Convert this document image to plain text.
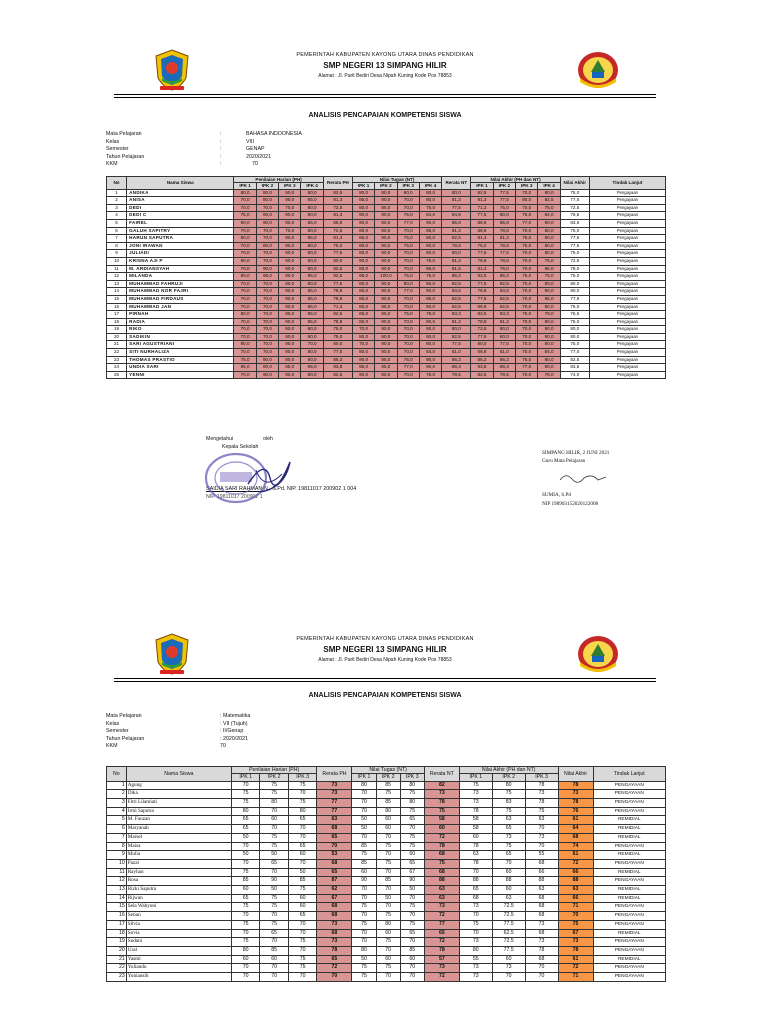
PEMERINTAH KABUPATEN KAYONG UTARA DINAS PENDIDIKAN
SMP NEGERI 13 SIMPANG HILIR
Alamat : Jl. Parit Bediri Desa Nipah Kuning Kode Pos 78853
ANALISIS PENCAPAIAN KOMPETENSI SISWA
Mata Pelajaran	:	BAHASA INDOONESIA
Kelas	:	VIII
Semester	:	GENAP
Tahun Pelajaran	:	2020/2021
KKM	:	70
No	Nama Siswa	Penilaian Harian (PH)				Rerata PH	Nilai Tugas (NT)				Rerata NT	Nilai Akhir (PH dan NT)				Nilai Akhir	Tindak Lanjut
		IPK 1	IPK 2	IPK 3	IPK 4		IPK 1	IPK 2	IPK 3	IPK 4		IPK 1	IPK 2	IPK 3	IPK 4		
1	ANDIKA	80,0	80,0	90,0	80,0	82,5	80,0	80,0	80,0	80,0	80,0	82,5	77,5	70,0	80,0	75,0	Pengayaan
2	ANISA	70,0	80,0	90,0	85,0	81,3	85,0	90,0	70,0	80,0	81,3	81,3	77,5	80,0	82,5	77,5	Pengayaan
3	DEDI	70,0	70,0	70,0	80,0	72,5	80,0	85,0	70,0	75,0	77,5	71,3	75,0	70,0	75,0	72,5	Pengayaan
4	DEDI C	75,0	90,0	90,0	90,0	81,3	90,0	90,0	75,0	84,0	84,8	77,5	80,0	75,0	84,0	79,5	Pengayaan
5	FAIREL	90,0	90,0	90,0	85,0	88,8	90,0	90,0	77,0	90,0	86,8	88,8	86,8	77,0	90,0	83,5	Pengayaan
6	GALUH SAPITRY	70,0	70,0	70,0	80,0	72,5	80,0	90,0	70,0	85,0	81,3	68,8	78,8	70,0	80,0	75,0	Pengayaan
7	HARUN SAPUTRA	80,0	70,0	90,0	85,0	81,3	85,0	90,0	75,0	80,0	82,5	81,3	81,3	75,0	80,0	77,5	Pengayaan
8	JONI IRAWAN	70,0	80,0	90,0	80,0	75,0	80,0	90,0	75,0	80,0	78,8	75,0	78,8	75,0	80,0	77,5	Pengayaan
9	JULIADI	70,0	70,0	90,0	80,0	77,5	80,0	90,0	70,0	80,0	80,0	77,5	77,5	70,0	80,0	75,0	Pengayaan
10	KRISNA AJI P	90,0	70,0	90,0	90,0	80,0	90,0	90,0	70,0	75,0	81,3	78,8	78,8	70,0	75,0	72,5	Pengayaan
11	M. ARDIANSYAH	70,0	90,0	90,0	80,0	82,5	80,0	90,0	70,0	86,0	81,5	81,3	79,0	70,0	86,0	78,0	Pengayaan
12	MILANDA	90,0	95,0	90,0	95,0	92,5	95,0	100,0	75,0	75,0	86,3	92,5	86,3	75,0	75,0	75,0	Pengayaan
13	MUHAMMAD FAHRUJI	70,0	70,0	90,0	80,0	77,5	80,0	90,0	80,0	90,0	82,5	77,5	82,5	70,0	90,0	80,0	Pengayaan
14	MUHAMMAD NOR FAJRI	70,0	70,0	90,0	85,0	78,8	85,0	90,0	77,0	90,0	83,8	78,8	83,8	70,0	90,0	80,0	Pengayaan
15	MUHAMMAD FIRDAUS	70,0	70,0	90,0	85,0	78,8	85,0	90,0	70,0	85,0	82,5	77,5	82,5	70,0	85,0	77,5	Pengayaan
16	MUHAMMAD JAN	70,0	70,0	90,0	85,0	71,3	85,0	95,0	70,0	80,0	82,5	68,8	82,5	70,0	80,0	75,0	Pengayaan
17	PIRNAH	80,0	70,0	95,0	85,0	82,5	85,0	95,0	75,0	78,0	83,3	82,5	83,3	75,0	78,0	76,5	Pengayaan
18	RADIA	70,0	70,0	90,0	85,0	78,8	85,0	90,0	70,0	80,0	81,3	78,8	81,3	70,0	80,0	75,0	Pengayaan
19	RIKO	70,0	70,0	90,0	80,0	75,0	70,0	90,0	70,0	90,0	80,0	72,5	80,0	70,0	90,0	80,0	Pengayaan
20	SADIKIN	70,0	70,0	90,0	80,0	75,0	80,0	90,0	70,0	90,0	82,5	77,5	80,0	70,0	90,0	80,0	Pengayaan
21	SARI AGUSTRIANI	90,0	70,0	90,0	70,0	80,0	70,0	90,0	70,0	80,0	77,5	80,0	77,5	70,0	80,0	75,0	Pengayaan
22	SITI NURHALIZA	70,0	70,0	90,0	80,0	77,5	80,0	90,0	70,0	84,0	81,0	68,8	81,0	70,0	84,0	77,0	Pengayaan
23	THOMAS PRASTIO	75,0	90,0	90,0	90,0	86,3	90,0	95,0	75,0	90,0	86,3	86,3	86,3	75,0	90,0	82,5	Pengayaan
24	UNDIA SARI	95,0	90,0	95,0	95,0	93,8	95,0	95,0	77,0	90,0	89,3	93,8	89,3	77,0	90,0	83,5	Pengayaan
25	YENNI	70,0	90,0	90,0	80,0	82,5	90,0	90,0	70,0	78,0	79,5	82,5	79,5	70,0	78,0	74,0	Pengayaan
Mengetahui	oleh
Kepala Sekolah
SAIDIA SARI RAHMAN,N , S.Pd. NIP. 19811017 200902 1 004
NIP. 19811017 200902 1
SIMPANG HILIR, 2 JUNI 2021
Guru Mata Pelajaran
SUMIA, S.Pd
NIP 198903152020122008
PEMERINTAH KABUPATEN KAYONG UTARA DINAS PENDIDIKAN
SMP NEGERI 13 SIMPANG HILIR
Alamat : Jl. Parit Bediri Desa Nipah Kuning Kode Pos 78853
ANALISIS PENCAPAIAN KOMPETENSI SISWA
Mata Pelajaran	: Matematika
Kelas	: VII (Tujuh)
Semester	: II/Genap
Tahun Pelajaran	: 2020/2021
KKM	70
No	Nama Siswa	Penilaian Harian (PH)			Rerata PH	Nilai Tugas (NT)			Rerata NT	Nilai Akhir (PH dan NT)			Nilai Akhir	Tindak Lanjut
		IPK 1	IPK 2	IPK 3		IPK 1	IPK 2	IPK 3		IPK 1	IPK 2	IPK 3		
1	Agung	70	75	75	73	80	85	80	82	75	80	78	78	PENGAYAAN
2	Dika	75	75	70	73	70	75	75	73	73	75	73	73	PENGAYAAN
3	Fitri Lilamiati	75	80	75	77	70	85	80	78	73	83	78	78	PENGAYAAN
4	Irmi Saputra	80	70	80	77	70	80	75	75	78	75	75	76	PENGAYAAN
5	M. Fauzan	65	60	65	63	50	60	65	58	58	63	63	61	REMIDIAL
6	Maryanah	65	70	70	68	50	60	70	60	58	65	70	64	REMIDIAL
7	Marsel	50	75	70	65	70	70	75	72	60	73	73	68	REMIDIAL
8	Maisa	70	75	65	70	85	75	75	78	78	75	70	74	PENGAYAAN
9	Mulia	50	50	60	53	75	70	60	68	63	65	55	61	REMIDIAL
10	Pazal	70	65	70	68	85	75	65	75	78	70	68	72	PENGAYAAN
11	Rayhan	75	70	50	65	60	70	67	68	70	60	66	66	REMIDIAL
12	Rosa	85	90	85	87	90	85	90	88	88	88	88	88	PENGAYAAN
13	Rizki Saputra	60	50	75	62	70	70	50	63	65	60	63	63	REMIDIAL
14	Rijwan	65	75	60	67	70	50	70	63	68	63	68	66	REMIDIAL
15	Sela Wahyuni	75	75	60	68	75	70	75	73	73	72.5	68	71	PENGAYAAN
16	Setian	70	70	65	68	70	75	70	72	70	72.5	68	70	PENGAYAAN
17	Silvia	75	75	70	73	75	80	75	77	75	77.5	73	75	PENGAYAAN
18	Sovia	70	65	70	68	70	60	65	65	70	62.5	68	67	REMIDIAL
19	Sudani	75	70	75	73	70	75	70	72	73	72.5	73	73	PENGAYAAN
20	Ural	80	85	70	78	80	70	85	78	80	77.5	78	78	PENGAYAAN
21	Yasmi	60	60	75	65	50	60	60	57	55	60	68	61	REMIDIAL
22	Yuliandu	70	70	75	72	75	75	70	73	73	73	70	72	PENGAYAAN
23	Yuniansih	70	70	70	70	75	70	70	72	73	70	70	71	PENGAYAAN
